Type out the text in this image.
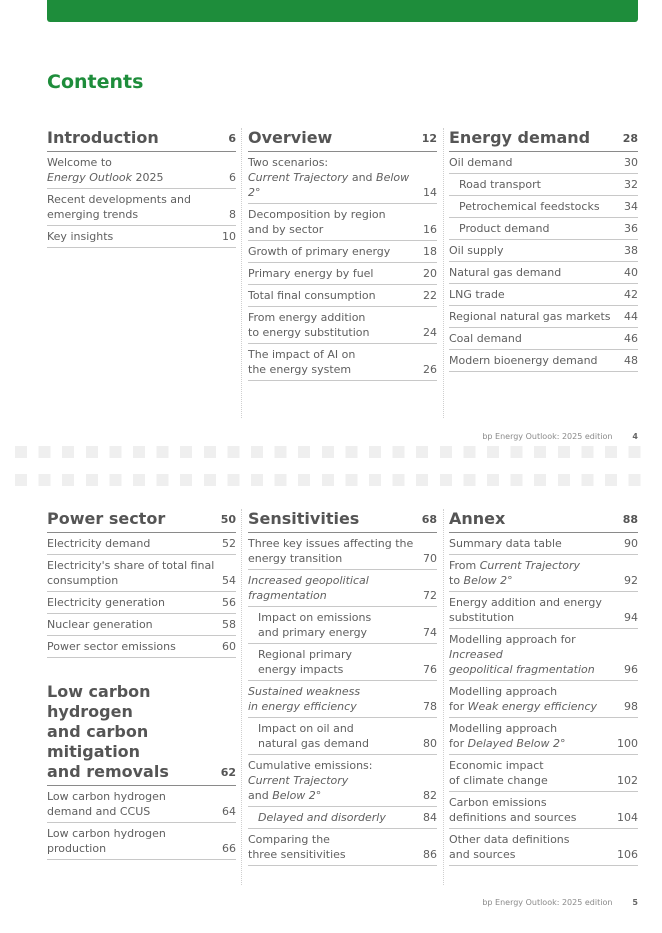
Contents
Introduction	6
Welcome to
Energy Outlook 2025	6
Recent developments and
emerging trends	8
Key insights	10
Overview	12
Two scenarios:
Current Trajectory and Below 2°	14
Decomposition by region
and by sector	16
Growth of primary energy	18
Primary energy by fuel	20
Total final consumption	22
From energy addition
to energy substitution	24
The impact of AI on
the energy system	26
Energy demand	28
Oil demand	30
Road transport	32
Petrochemical feedstocks	34
Product demand	36
Oil supply	38
Natural gas demand	40
LNG trade	42
Regional natural gas markets	44
Coal demand	46
Modern bioenergy demand	48
bp Energy Outlook: 2025 edition	4
Power sector	50
Electricity demand	52
Electricity's share of total final
consumption	54
Electricity generation	56
Nuclear generation	58
Power sector emissions	60
Low carbon hydrogen
and carbon mitigation
and removals	62
Low carbon hydrogen
demand and CCUS	64
Low carbon hydrogen
production	66
Sensitivities	68
Three key issues affecting the
energy transition	70
Increased geopolitical
fragmentation	72
Impact on emissions
and primary energy	74
Regional primary
energy impacts	76
Sustained weakness
in energy efficiency	78
Impact on oil and
natural gas demand	80
Cumulative emissions:
Current Trajectory
and Below 2°	82
Delayed and disorderly	84
Comparing the
three sensitivities	86
Annex	88
Summary data table	90
From Current Trajectory
to Below 2°	92
Energy addition and energy
substitution	94
Modelling approach for Increased
geopolitical fragmentation	96
Modelling approach
for Weak energy efficiency	98
Modelling approach
for Delayed Below 2°	100
Economic impact
of climate change	102
Carbon emissions
definitions and sources	104
Other data definitions
and sources	106
bp Energy Outlook: 2025 edition	5
